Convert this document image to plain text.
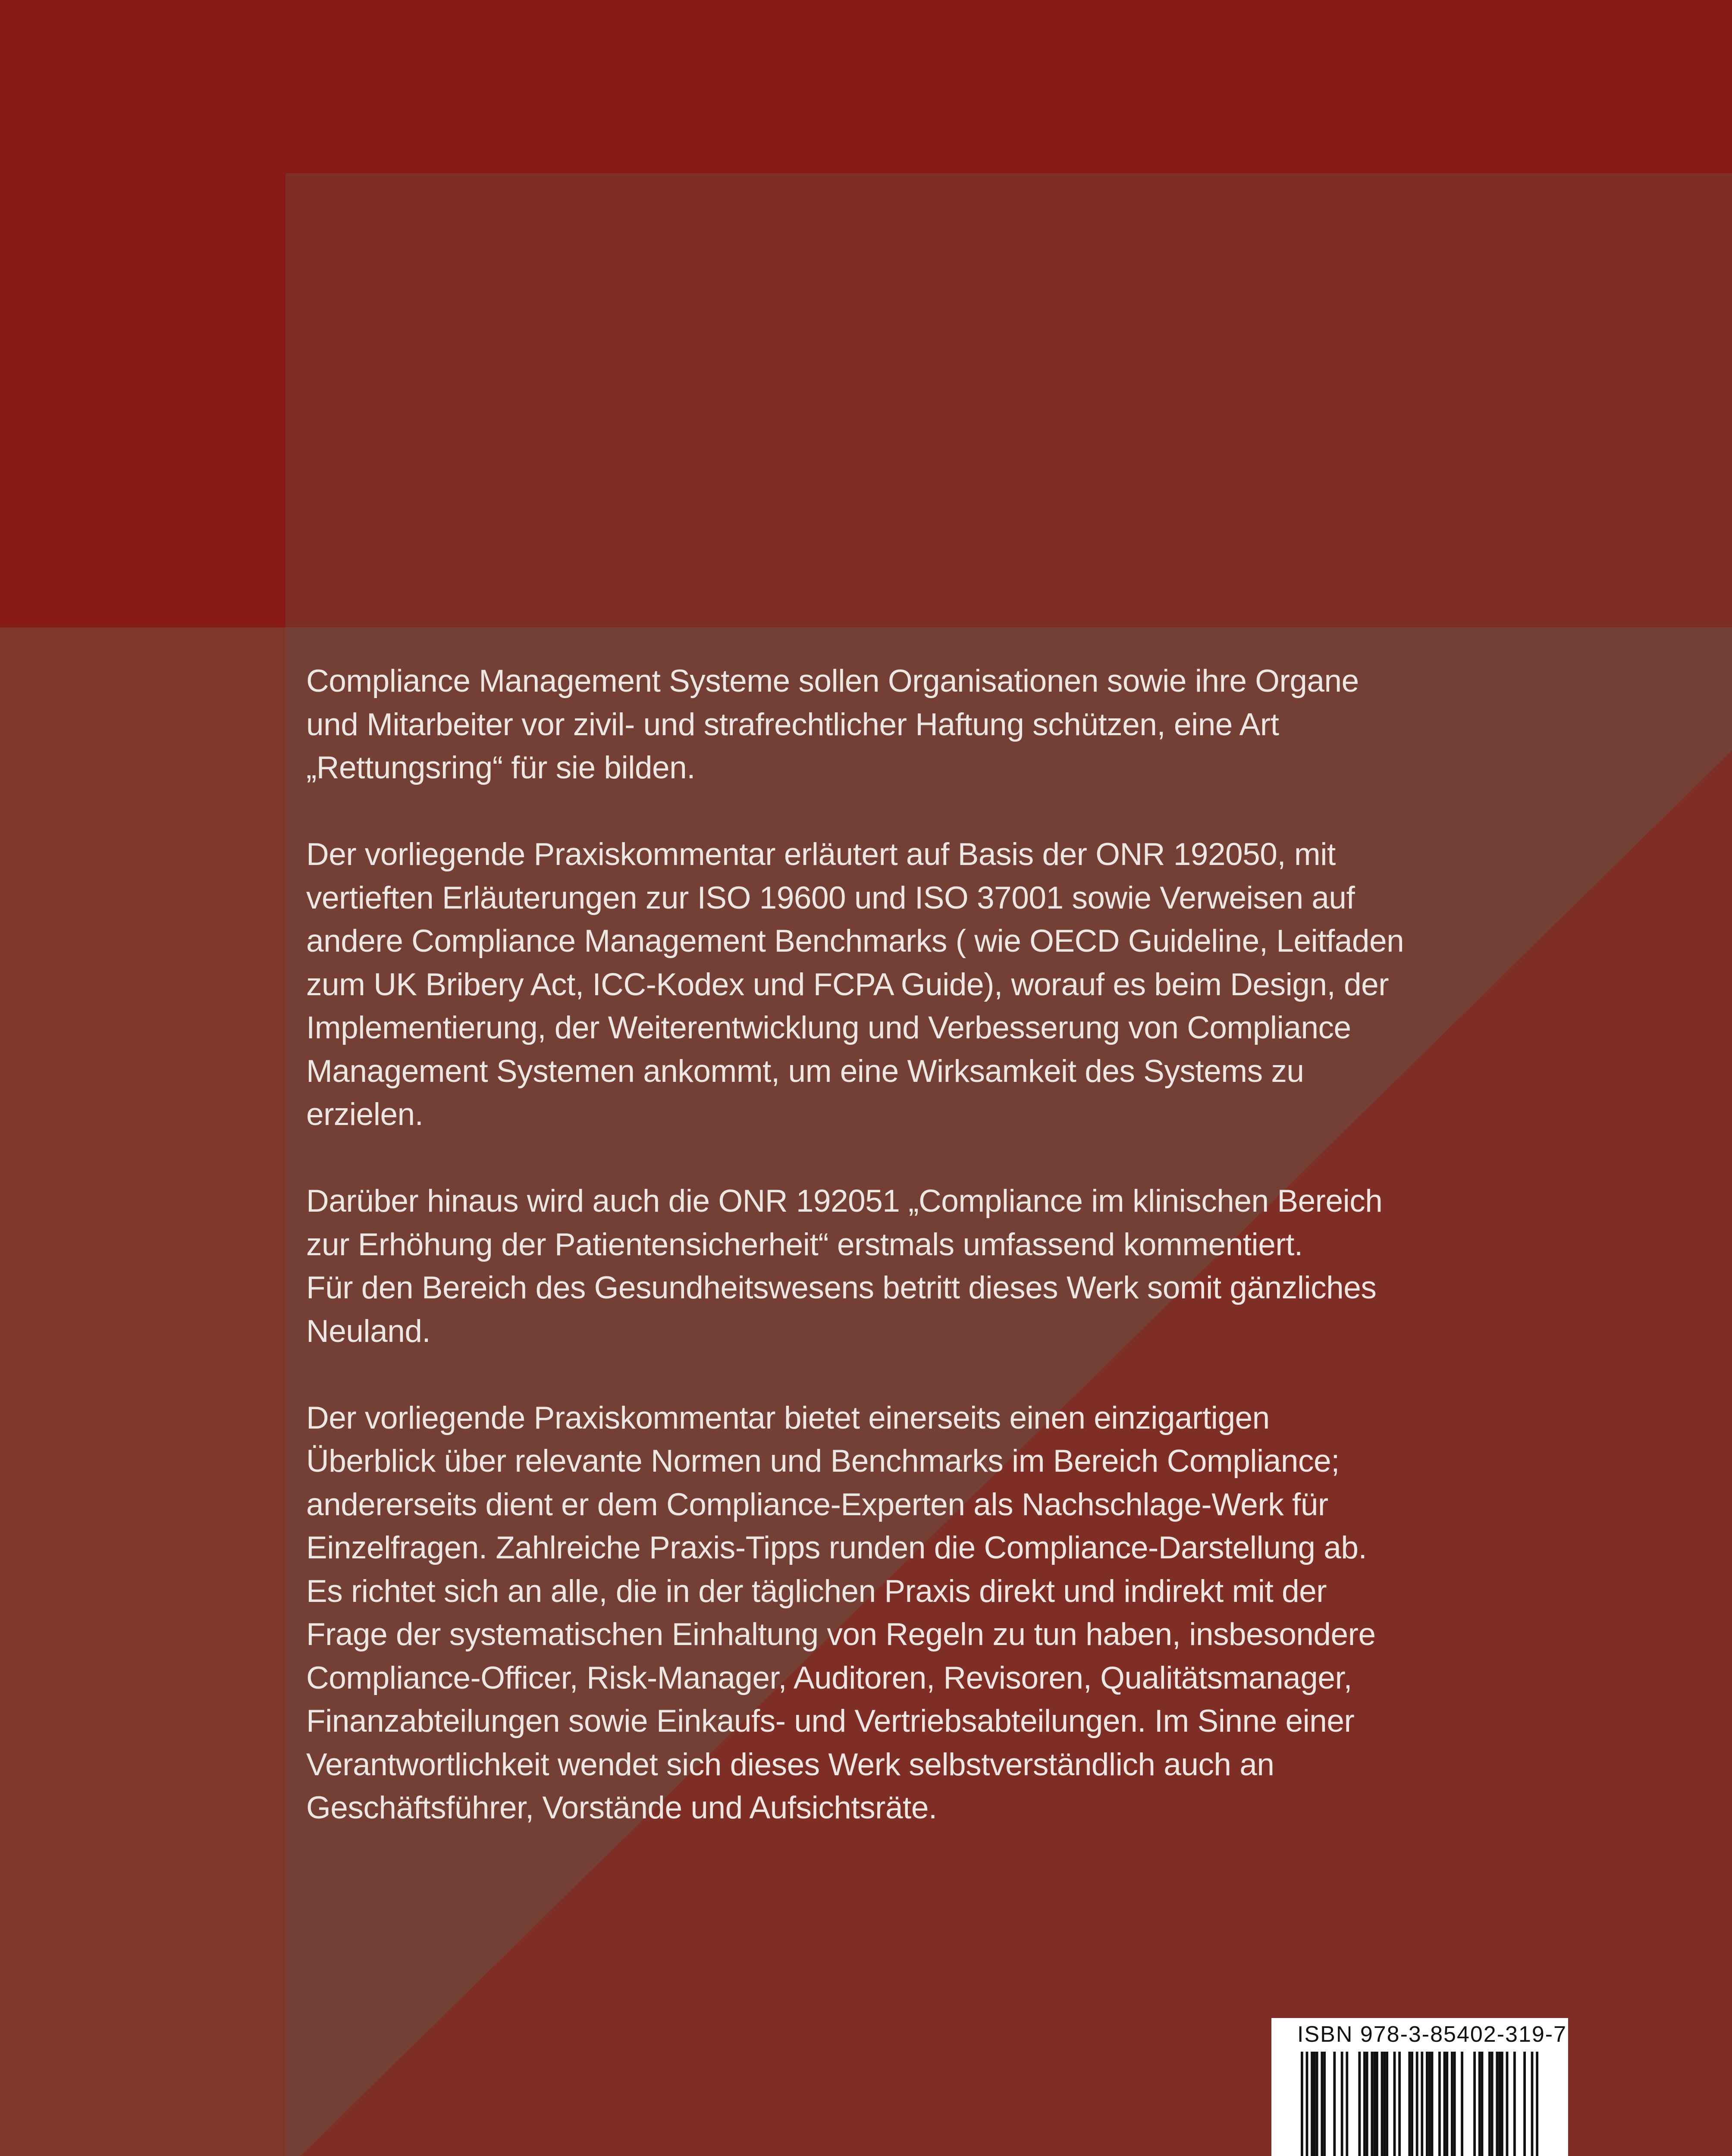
Compliance Management Systeme sollen Organisationen sowie ihre Organe
und Mitarbeiter vor zivil- und strafrechtlicher Haftung schützen, eine Art
„Rettungsring“ für sie bilden.

Der vorliegende Praxiskommentar erläutert auf Basis der ONR 192050, mit
vertieften Erläuterungen zur ISO 19600 und ISO 37001 sowie Verweisen auf
andere Compliance Management Benchmarks ( wie OECD Guideline, Leitfaden
zum UK Bribery Act, ICC-Kodex und FCPA Guide), worauf es beim Design, der
Implementierung, der Weiterentwicklung und Verbesserung von Compliance
Management Systemen ankommt, um eine Wirksamkeit des Systems zu
erzielen.

Darüber hinaus wird auch die ONR 192051 „Compliance im klinischen Bereich
zur Erhöhung der Patientensicherheit“ erstmals umfassend kommentiert.
Für den Bereich des Gesundheitswesens betritt dieses Werk somit gänzliches
Neuland.

Der vorliegende Praxiskommentar bietet einerseits einen einzigartigen
Überblick über relevante Normen und Benchmarks im Bereich Compliance;
andererseits dient er dem Compliance-Experten als Nachschlage-Werk für
Einzelfragen. Zahlreiche Praxis-Tipps runden die Compliance-Darstellung ab.
Es richtet sich an alle, die in der täglichen Praxis direkt und indirekt mit der
Frage der systematischen Einhaltung von Regeln zu tun haben, insbesondere
Compliance-Officer, Risk-Manager, Auditoren, Revisoren, Qualitätsmanager,
Finanzabteilungen sowie Einkaufs- und Vertriebsabteilungen. Im Sinne einer
Verantwortlichkeit wendet sich dieses Werk selbstverständlich auch an
Geschäftsführer, Vorstände und Aufsichtsräte.

ISBN 978-3-85402-319-7
